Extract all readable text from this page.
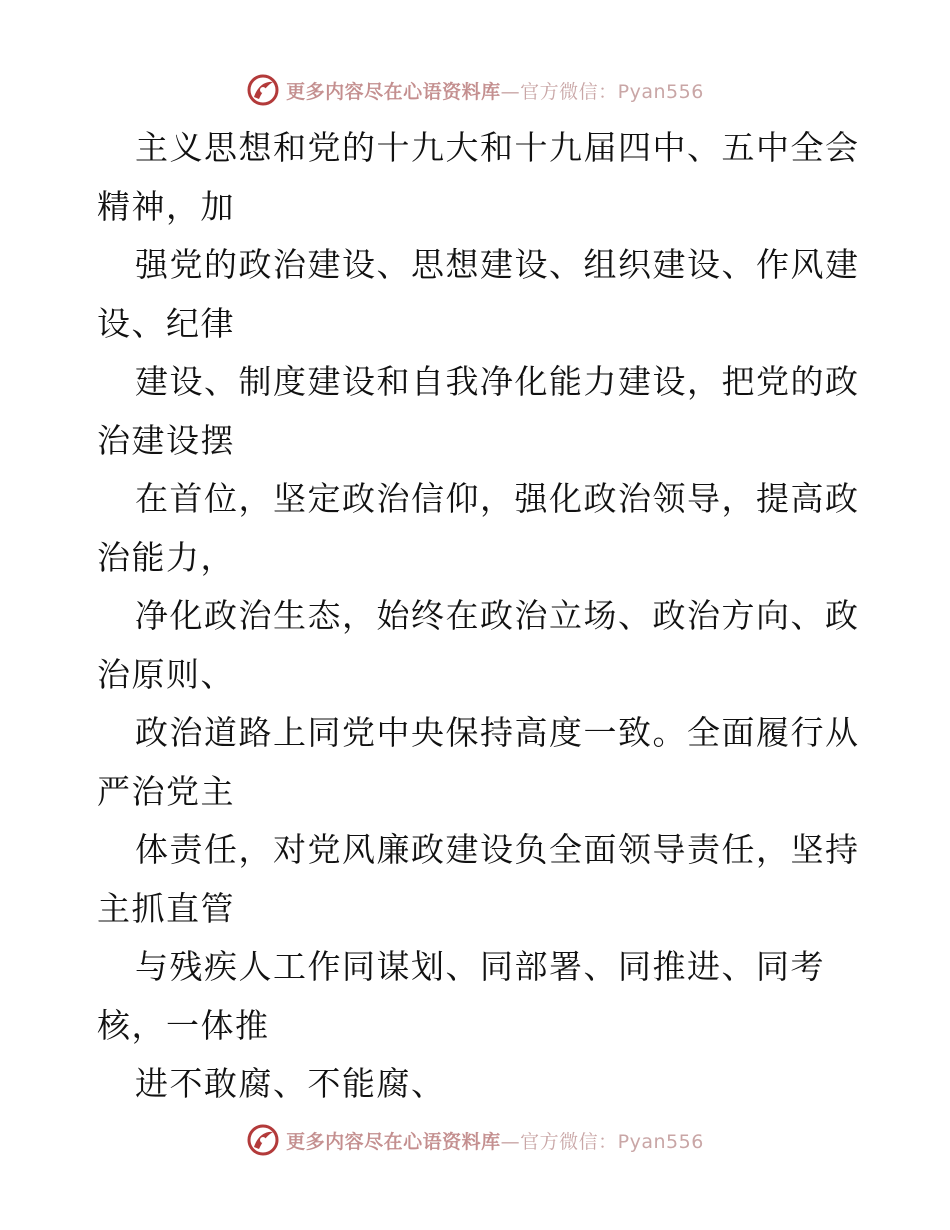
更多内容尽在心语资料库—官方微信：Pyan556
主义思想和党的十九大和十九届四中、五中全会
精神，加
强党的政治建设、思想建设、组织建设、作风建
设、纪律
建设、制度建设和自我净化能力建设，把党的政
治建设摆
在首位，坚定政治信仰，强化政治领导，提高政
治能力，
净化政治生态，始终在政治立场、政治方向、政
治原则、
政治道路上同党中央保持高度一致。全面履行从
严治党主
体责任，对党风廉政建设负全面领导责任，坚持
主抓直管
与残疾人工作同谋划、同部署、同推进、同考
核，一体推
进不敢腐、不能腐、
更多内容尽在心语资料库—官方微信：Pyan556
